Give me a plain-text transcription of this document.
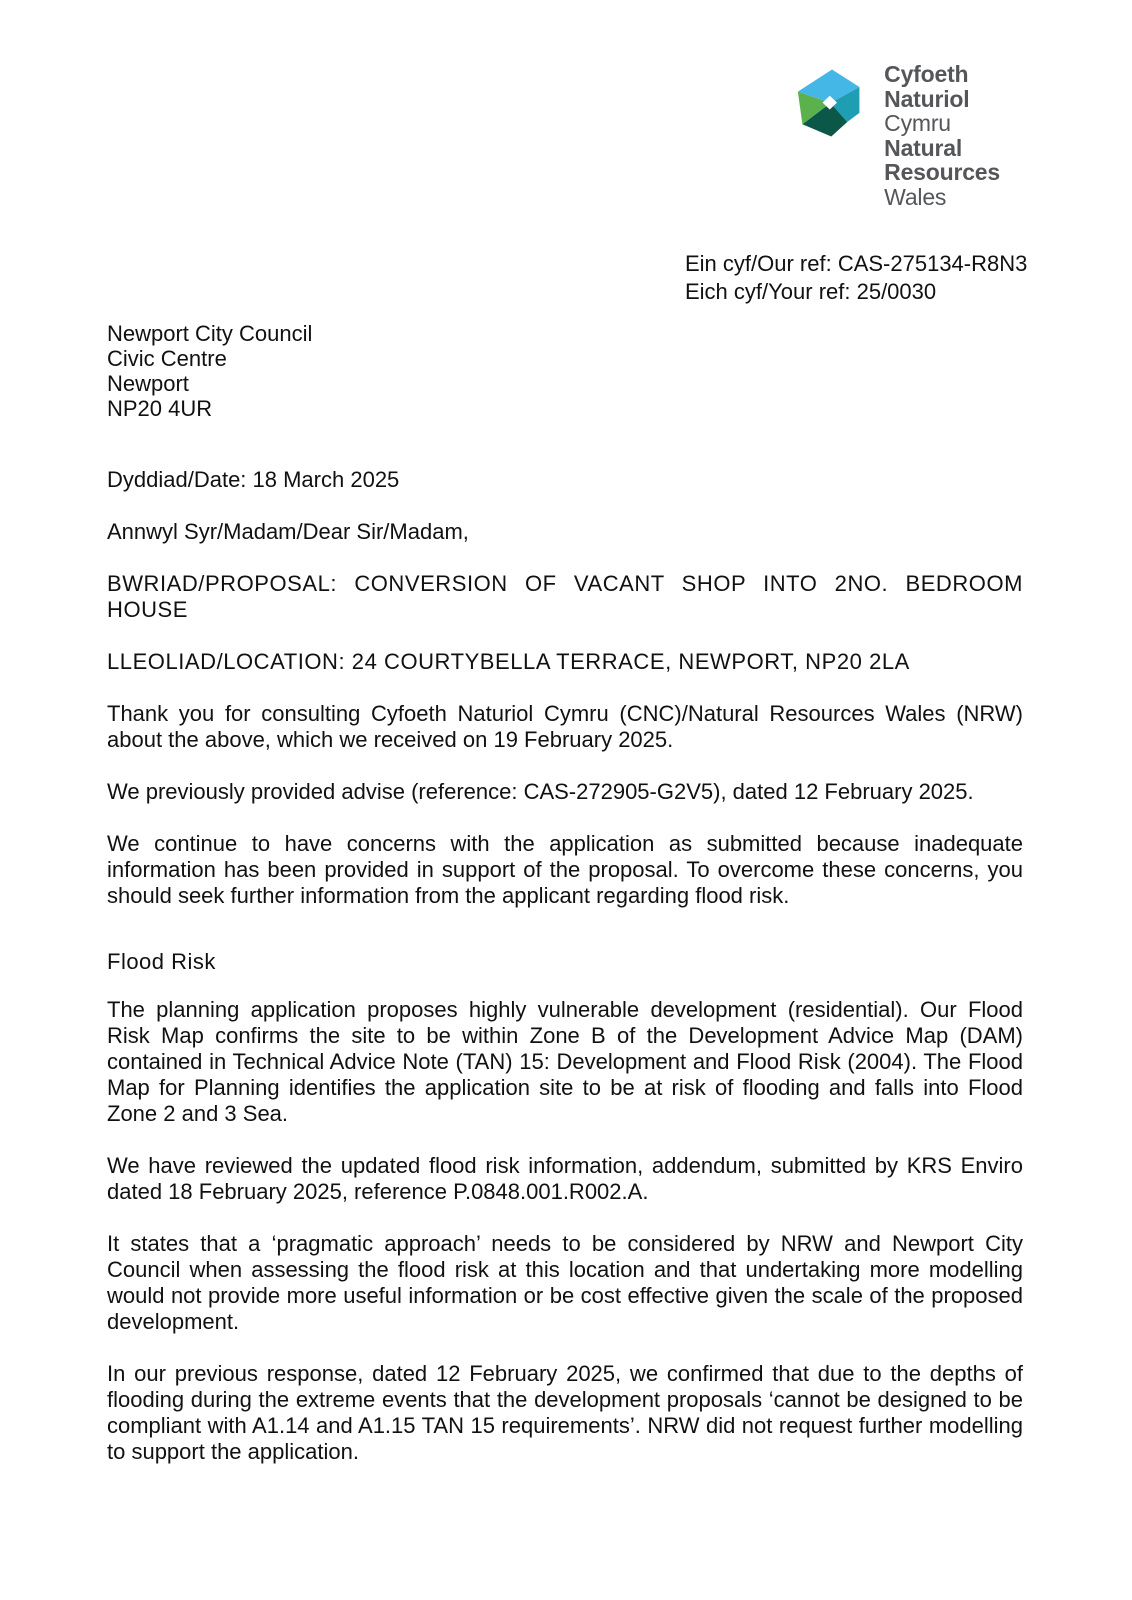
Cyfoeth
Naturiol
Cymru
Natural
Resources
Wales
Ein cyf/Our ref: CAS-275134-R8N3
Eich cyf/Your ref: 25/0030
Newport City Council
Civic Centre
Newport
NP20 4UR
Dyddiad/Date: 18 March 2025
Annwyl Syr/Madam/Dear Sir/Madam,

BWRIAD/PROPOSAL: CONVERSION OF VACANT SHOP INTO 2NO. BEDROOM HOUSE

LLEOLIAD/LOCATION: 24 COURTYBELLA TERRACE, NEWPORT, NP20 2LA

Thank you for consulting Cyfoeth Naturiol Cymru (CNC)/Natural Resources Wales (NRW) about the above, which we received on 19 February 2025.

We previously provided advise (reference: CAS-272905-G2V5), dated 12 February 2025.

We continue to have concerns with the application as submitted because inadequate information has been provided in support of the proposal. To overcome these concerns, you should seek further information from the applicant regarding flood risk.

Flood Risk

The planning application proposes highly vulnerable development (residential). Our Flood Risk Map confirms the site to be within Zone B of the Development Advice Map (DAM) contained in Technical Advice Note (TAN) 15: Development and Flood Risk (2004). The Flood Map for Planning identifies the application site to be at risk of flooding and falls into Flood Zone 2 and 3 Sea.

We have reviewed the updated flood risk information, addendum, submitted by KRS Enviro dated 18 February 2025, reference P.0848.001.R002.A.

It states that a ‘pragmatic approach’ needs to be considered by NRW and Newport City Council when assessing the flood risk at this location and that undertaking more modelling would not provide more useful information or be cost effective given the scale of the proposed development.

In our previous response, dated 12 February 2025, we confirmed that due to the depths of flooding during the extreme events that the development proposals ‘cannot be designed to be compliant with A1.14 and A1.15 TAN 15 requirements’. NRW did not request further modelling to support the application.
